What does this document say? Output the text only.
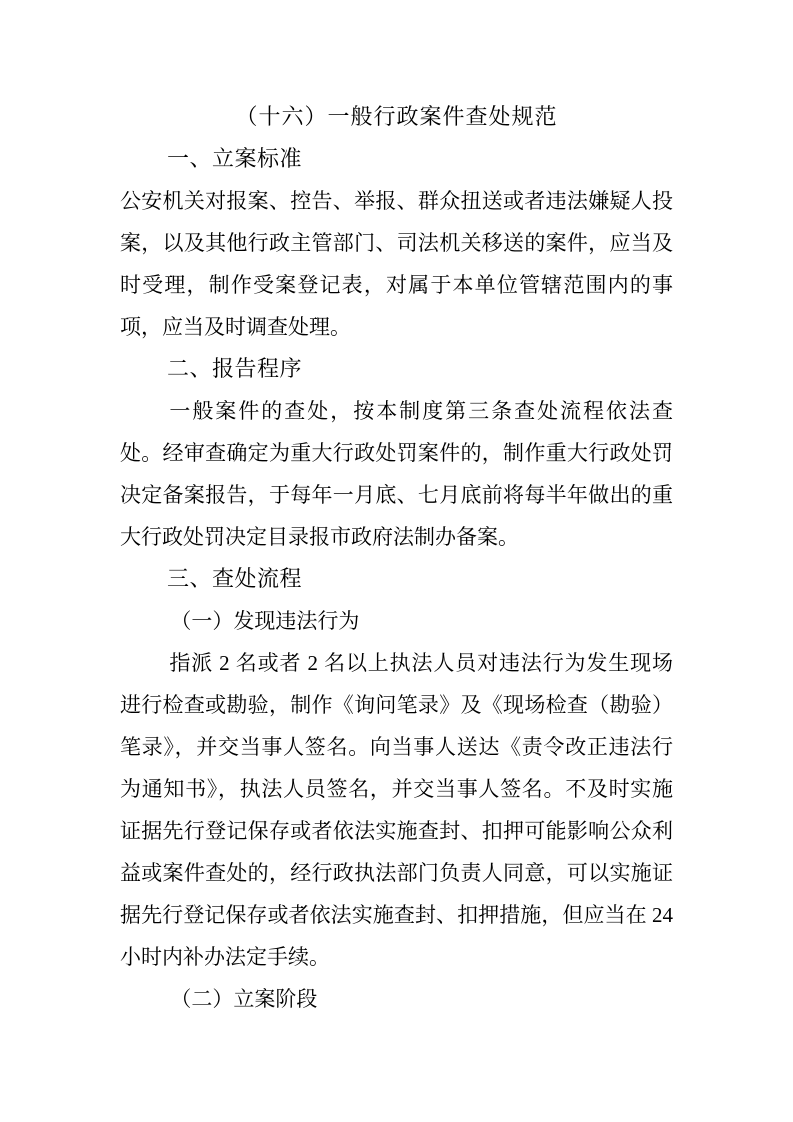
（十六）一般行政案件查处规范
一、立案标准

公安机关对报案、控告、举报、群众扭送或者违法嫌疑人投案，以及其他行政主管部门、司法机关移送的案件，应当及时受理，制作受案登记表，对属于本单位管辖范围内的事项，应当及时调查处理。

二、报告程序

一般案件的查处，按本制度第三条查处流程依法查处。经审查确定为重大行政处罚案件的，制作重大行政处罚决定备案报告，于每年一月底、七月底前将每半年做出的重大行政处罚决定目录报市政府法制办备案。

三、查处流程
（一）发现违法行为

指派 2 名或者 2 名以上执法人员对违法行为发生现场进行检查或勘验，制作《询问笔录》及《现场检查（勘验）笔录》，并交当事人签名。向当事人送达《责令改正违法行为通知书》，执法人员签名，并交当事人签名。不及时实施证据先行登记保存或者依法实施查封、扣押可能影响公众利益或案件查处的，经行政执法部门负责人同意，可以实施证据先行登记保存或者依法实施查封、扣押措施，但应当在 24 小时内补办法定手续。

（二）立案阶段
